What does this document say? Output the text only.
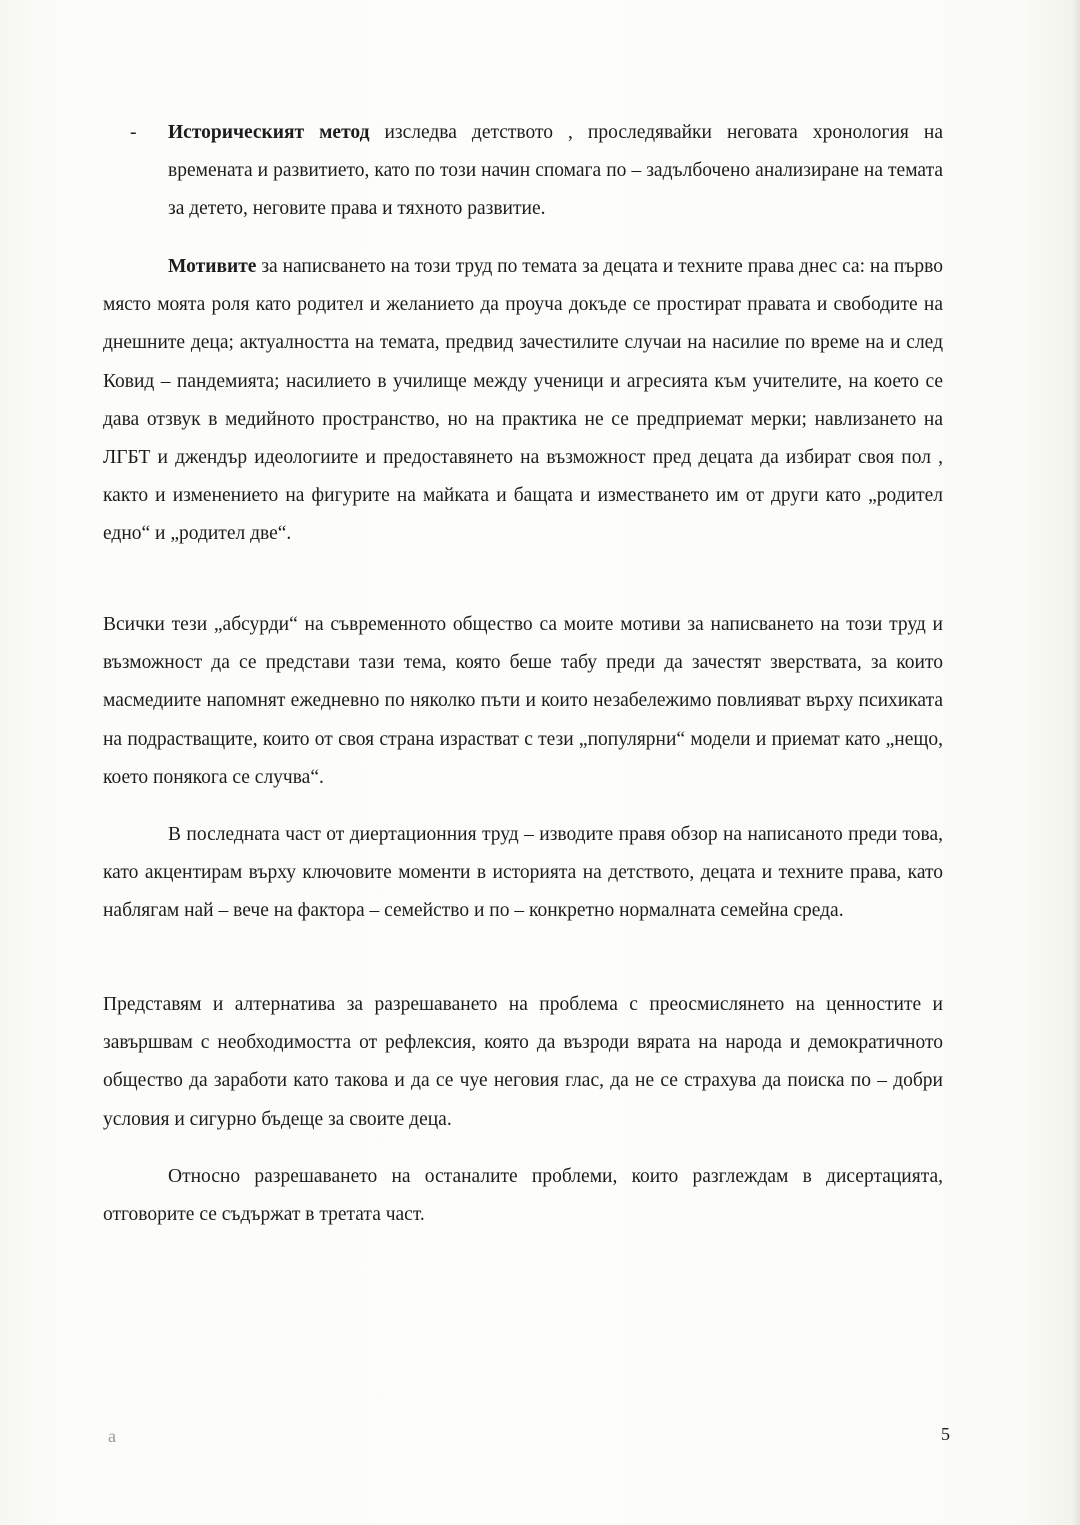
-	Историческият метод изследва детството , проследявайки неговата хронология на времената и развитието, като по този начин спомага по – задълбочено анализиране на темата за детето, неговите права и тяхното развитие.

Мотивите за написването на този труд по темата за децата и техните права днес са: на първо място моята роля като родител и желанието да проуча докъде се простират правата и свободите на днешните деца; актуалността на темата, предвид зачестилите случаи на насилие по време на и след Ковид – пандемията; насилието в училище между ученици и агресията към учителите, на което се дава отзвук в медийното пространство, но на практика не се предприемат мерки; навлизането на ЛГБТ и джендър идеологиите и предоставянето на възможност пред децата да избират своя пол , както и изменението на фигурите на майката и бащата и изместването им от други като „родител едно“ и „родител две“.

Всички тези „абсурди“ на съвременното общество са моите мотиви за написването на този труд и възможност да се представи тази тема, която беше табу преди да зачестят зверствата, за които масмедиите напомнят ежедневно по няколко пъти и които незабележимо повлияват върху психиката на подрастващите, които от своя страна израстват с тези „популярни“ модели и приемат като „нещо, което понякога се случва“.

В последната част от диертационния труд – изводите правя обзор на написаното преди това, като акцентирам върху ключовите моменти в историята на детството, децата и техните права, като наблягам най – вече на фактора – семейство и по – конкретно нормалната семейна среда.

Представям и алтернатива за разрешаването на проблема с преосмислянето на ценностите и завършвам с необходимостта от рефлексия, която да възроди вярата на народа и демократичното общество да заработи като такова и да се чуе неговия глас, да не се страхува да поиска по – добри условия и сигурно бъдеще за своите деца.

Относно разрешаването на останалите проблеми, които разглеждам в дисертацията, отговорите се съдържат в третата част.

a	5
